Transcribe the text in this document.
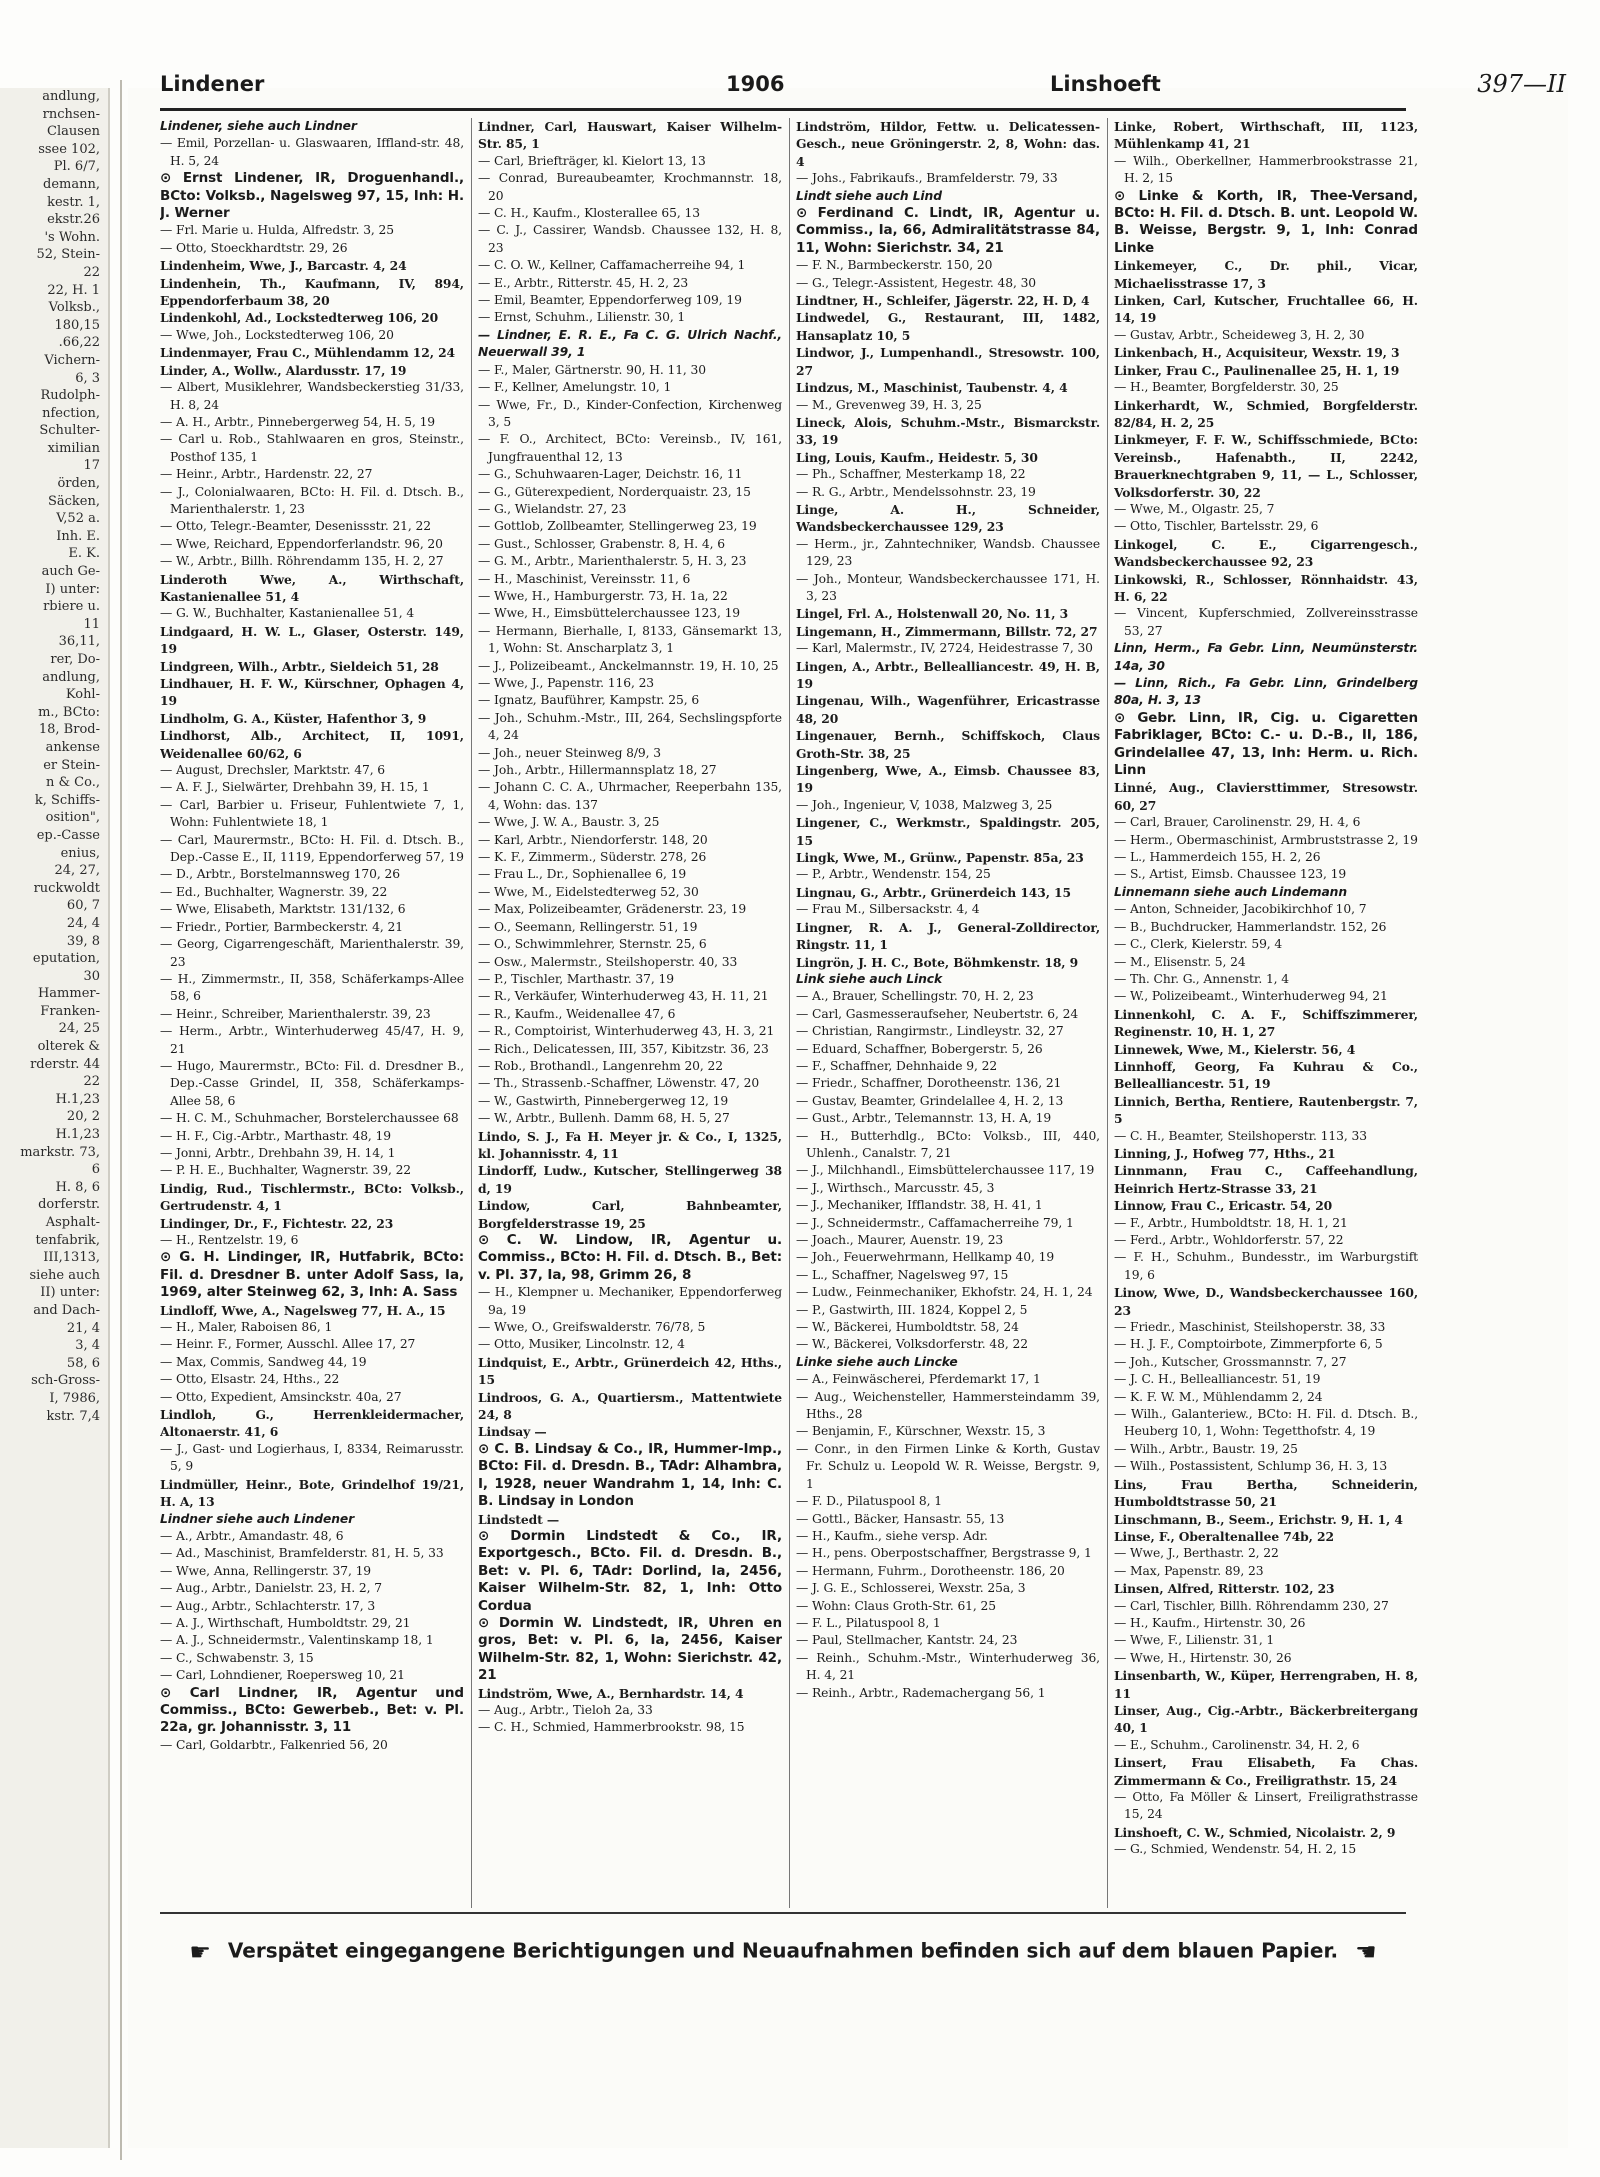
andlung,
rnchsen-
Clausen
ssee 102,
Pl. 6/7,
demann,
kestr. 1,
ekstr.26
's Wohn.
52, Stein-
22
22, H. 1
Volksb.,
180,15
.66,22
Vichern-
6, 3
Rudolph-
nfection,
Schulter-
ximilian
17
örden,
Säcken,
V,52 a.
Inh. E.
E. K.
auch Ge-
I) unter:
rbiere u.
11
36,11,
rer, Do-
andlung,
Kohl-
m., BCto:
18, Brod-
ankense
er Stein-
n & Co.,
k, Schiffs-
osition",
ep.-Casse
enius,
24, 27,
ruckwoldt
60, 7
24, 4
39, 8
eputation,
30
Hammer-
Franken-
24, 25
olterek &
rderstr. 44
22
H.1,23
20, 2
H.1,23
markstr. 73,
6
H. 8, 6
dorferstr.
Asphalt-
tenfabrik,
III,1313,
siehe auch
II) unter:
and Dach-
21, 4
3, 4
58, 6
sch-Gross-
I, 7986,
kstr. 7,4
Lindener	1906	Linshoeft	397—II
Lindener, siehe auch Lindner
— Emil, Porzellan- u. Glaswaaren, Iffland-str. 48, H. 5, 24
⊙ Ernst Lindener, IR, Droguenhandl., BCto: Volksb., Nagelsweg 97, 15, Inh: H. J. Werner
— Frl. Marie u. Hulda, Alfredstr. 3, 25
— Otto, Stoeckhardtstr. 29, 26
Lindenheim, Wwe, J., Barcastr. 4, 24
Lindenhein, Th., Kaufmann, IV, 894, Eppendorferbaum 38, 20
Lindenkohl, Ad., Lockstedterweg 106, 20
— Wwe, Joh., Lockstedterweg 106, 20
Lindenmayer, Frau C., Mühlendamm 12, 24
Linder, A., Wollw., Alardusstr. 17, 19
— Albert, Musiklehrer, Wandsbeckerstieg 31/33, H. 8, 24
— A. H., Arbtr., Pinnebergerweg 54, H. 5, 19
— Carl u. Rob., Stahlwaaren en gros, Steinstr., Posthof 135, 1
— Heinr., Arbtr., Hardenstr. 22, 27
— J., Colonialwaaren, BCto: H. Fil. d. Dtsch. B., Marienthalerstr. 1, 23
— Otto, Telegr.-Beamter, Desenissstr. 21, 22
— Wwe, Reichard, Eppendorferlandstr. 96, 20
— W., Arbtr., Billh. Röhrendamm 135, H. 2, 27
Linderoth Wwe, A., Wirthschaft, Kastanienallee 51, 4
— G. W., Buchhalter, Kastanienallee 51, 4
Lindgaard, H. W. L., Glaser, Osterstr. 149, 19
Lindgreen, Wilh., Arbtr., Sieldeich 51, 28
Lindhauer, H. F. W., Kürschner, Ophagen 4, 19
Lindholm, G. A., Küster, Hafenthor 3, 9
Lindhorst, Alb., Architect, II, 1091, Weidenallee 60/62, 6
— August, Drechsler, Marktstr. 47, 6
— A. F. J., Sielwärter, Drehbahn 39, H. 15, 1
— Carl, Barbier u. Friseur, Fuhlentwiete 7, 1, Wohn: Fuhlentwiete 18, 1
— Carl, Maurermstr., BCto: H. Fil. d. Dtsch. B., Dep.-Casse E., II, 1119, Eppendorferweg 57, 19
— D., Arbtr., Borstelmannsweg 170, 26
— Ed., Buchhalter, Wagnerstr. 39, 22
— Wwe, Elisabeth, Marktstr. 131/132, 6
— Friedr., Portier, Barmbeckerstr. 4, 21
— Georg, Cigarrengeschäft, Marienthalerstr. 39, 23
— H., Zimmermstr., II, 358, Schäferkamps-Allee 58, 6
— Heinr., Schreiber, Marienthalerstr. 39, 23
— Herm., Arbtr., Winterhuderweg 45/47, H. 9, 21
— Hugo, Maurermstr., BCto: Fil. d. Dresdner B., Dep.-Casse Grindel, II, 358, Schäferkamps-Allee 58, 6
— H. C. M., Schuhmacher, Borstelerchaussee 68
— H. F., Cig.-Arbtr., Marthastr. 48, 19
— Jonni, Arbtr., Drehbahn 39, H. 14, 1
— P. H. E., Buchhalter, Wagnerstr. 39, 22
Lindig, Rud., Tischlermstr., BCto: Volksb., Gertrudenstr. 4, 1
Lindinger, Dr., F., Fichtestr. 22, 23
— H., Rentzelstr. 19, 6
⊙ G. H. Lindinger, IR, Hutfabrik, BCto: Fil. d. Dresdner B. unter Adolf Sass, Ia, 1969, alter Steinweg 62, 3, Inh: A. Sass
Lindloff, Wwe, A., Nagelsweg 77, H. A., 15
— H., Maler, Raboisen 86, 1
— Heinr. F., Former, Ausschl. Allee 17, 27
— Max, Commis, Sandweg 44, 19
— Otto, Elsastr. 24, Hths., 22
— Otto, Expedient, Amsinckstr. 40a, 27
Lindloh, G., Herrenkleidermacher, Altonaerstr. 41, 6
— J., Gast- und Logierhaus, I, 8334, Reimarusstr. 5, 9
Lindmüller, Heinr., Bote, Grindelhof 19/21, H. A, 13
Lindner siehe auch Lindener
— A., Arbtr., Amandastr. 48, 6
— Ad., Maschinist, Bramfelderstr. 81, H. 5, 33
— Wwe, Anna, Rellingerstr. 37, 19
— Aug., Arbtr., Danielstr. 23, H. 2, 7
— Aug., Arbtr., Schlachterstr. 17, 3
— A. J., Wirthschaft, Humboldtstr. 29, 21
— A. J., Schneidermstr., Valentinskamp 18, 1
— C., Schwabenstr. 3, 15
— Carl, Lohndiener, Roepersweg 10, 21
⊙ Carl Lindner, IR, Agentur und Commiss., BCto: Gewerbeb., Bet: v. Pl. 22a, gr. Johannisstr. 3, 11
— Carl, Goldarbtr., Falkenried 56, 20
Lindner, Carl, Hauswart, Kaiser Wilhelm-Str. 85, 1
— Carl, Briefträger, kl. Kielort 13, 13
— Conrad, Bureaubeamter, Krochmannstr. 18, 20
— C. H., Kaufm., Klosterallee 65, 13
— C. J., Cassirer, Wandsb. Chaussee 132, H. 8, 23
— C. O. W., Kellner, Caffamacherreihe 94, 1
— E., Arbtr., Ritterstr. 45, H. 2, 23
— Emil, Beamter, Eppendorferweg 109, 19
— Ernst, Schuhm., Lilienstr. 30, 1
— Lindner, E. R. E., Fa C. G. Ulrich Nachf., Neuerwall 39, 1
— F., Maler, Gärtnerstr. 90, H. 11, 30
— F., Kellner, Amelungstr. 10, 1
— Wwe, Fr., D., Kinder-Confection, Kirchenweg 3, 5
— F. O., Architect, BCto: Vereinsb., IV, 161, Jungfrauenthal 12, 13
— G., Schuhwaaren-Lager, Deichstr. 16, 11
— G., Güterexpedient, Norderquaistr. 23, 15
— G., Wielandstr. 27, 23
— Gottlob, Zollbeamter, Stellingerweg 23, 19
— Gust., Schlosser, Grabenstr. 8, H. 4, 6
— G. M., Arbtr., Marienthalerstr. 5, H. 3, 23
— H., Maschinist, Vereinsstr. 11, 6
— Wwe, H., Hamburgerstr. 73, H. 1a, 22
— Wwe, H., Eimsbüttelerchaussee 123, 19
— Hermann, Bierhalle, I, 8133, Gänsemarkt 13, 1, Wohn: St. Anscharplatz 3, 1
— J., Polizeibeamt., Anckelmannstr. 19, H. 10, 25
— Wwe, J., Papenstr. 116, 23
— Ignatz, Bauführer, Kampstr. 25, 6
— Joh., Schuhm.-Mstr., III, 264, Sechslingspforte 4, 24
— Joh., neuer Steinweg 8/9, 3
— Joh., Arbtr., Hillermannsplatz 18, 27
— Johann C. C. A., Uhrmacher, Reeperbahn 135, 4, Wohn: das. 137
— Wwe, J. W. A., Baustr. 3, 25
— Karl, Arbtr., Niendorferstr. 148, 20
— K. F., Zimmerm., Süderstr. 278, 26
— Frau L., Dr., Sophienallee 6, 19
— Wwe, M., Eidelstedterweg 52, 30
— Max, Polizeibeamter, Grädenerstr. 23, 19
— O., Seemann, Rellingerstr. 51, 19
— O., Schwimmlehrer, Sternstr. 25, 6
— Osw., Malermstr., Steilshoperstr. 40, 33
— P., Tischler, Marthastr. 37, 19
— R., Verkäufer, Winterhuderweg 43, H. 11, 21
— R., Kaufm., Weidenallee 47, 6
— R., Comptoirist, Winterhuderweg 43, H. 3, 21
— Rich., Delicatessen, III, 357, Kibitzstr. 36, 23
— Rob., Brothandl., Langenrehm 20, 22
— Th., Strassenb.-Schaffner, Löwenstr. 47, 20
— W., Gastwirth, Pinnebergerweg 12, 19
— W., Arbtr., Bullenh. Damm 68, H. 5, 27
Lindo, S. J., Fa H. Meyer jr. & Co., I, 1325, kl. Johannisstr. 4, 11
Lindorff, Ludw., Kutscher, Stellingerweg 38 d, 19
Lindow, Carl, Bahnbeamter, Borgfelderstrasse 19, 25
⊙ C. W. Lindow, IR, Agentur u. Commiss., BCto: H. Fil. d. Dtsch. B., Bet: v. Pl. 37, Ia, 98, Grimm 26, 8
— H., Klempner u. Mechaniker, Eppendorferweg 9a, 19
— Wwe, O., Greifswalderstr. 76/78, 5
— Otto, Musiker, Lincolnstr. 12, 4
Lindquist, E., Arbtr., Grünerdeich 42, Hths., 15
Lindroos, G. A., Quartiersm., Mattentwiete 24, 8
Lindsay —
⊙ C. B. Lindsay & Co., IR, Hummer-Imp., BCto: Fil. d. Dresdn. B., TAdr: Alhambra, I, 1928, neuer Wandrahm 1, 14, Inh: C. B. Lindsay in London
Lindstedt —
⊙ Dormin Lindstedt & Co., IR, Exportgesch., BCto. Fil. d. Dresdn. B., Bet: v. Pl. 6, TAdr: Dorlind, Ia, 2456, Kaiser Wilhelm-Str. 82, 1, Inh: Otto Cordua
⊙ Dormin W. Lindstedt, IR, Uhren en gros, Bet: v. Pl. 6, Ia, 2456, Kaiser Wilhelm-Str. 82, 1, Wohn: Sierichstr. 42, 21
Lindström, Wwe, A., Bernhardstr. 14, 4
— Aug., Arbtr., Tieloh 2a, 33
— C. H., Schmied, Hammerbrookstr. 98, 15
Lindström, Hildor, Fettw. u. Delicatessen-Gesch., neue Gröningerstr. 2, 8, Wohn: das. 4
— Johs., Fabrikaufs., Bramfelderstr. 79, 33
Lindt siehe auch Lind
⊙ Ferdinand C. Lindt, IR, Agentur u. Commiss., Ia, 66, Admiralitätstrasse 84, 11, Wohn: Sierichstr. 34, 21
— F. N., Barmbeckerstr. 150, 20
— G., Telegr.-Assistent, Hegestr. 48, 30
Lindtner, H., Schleifer, Jägerstr. 22, H. D, 4
Lindwedel, G., Restaurant, III, 1482, Hansaplatz 10, 5
Lindwor, J., Lumpenhandl., Stresowstr. 100, 27
Lindzus, M., Maschinist, Taubenstr. 4, 4
— M., Grevenweg 39, H. 3, 25
Lineck, Alois, Schuhm.-Mstr., Bismarckstr. 33, 19
Ling, Louis, Kaufm., Heidestr. 5, 30
— Ph., Schaffner, Mesterkamp 18, 22
— R. G., Arbtr., Mendelssohnstr. 23, 19
Linge, A. H., Schneider, Wandsbeckerchaussee 129, 23
— Herm., jr., Zahntechniker, Wandsb. Chaussee 129, 23
— Joh., Monteur, Wandsbeckerchaussee 171, H. 3, 23
Lingel, Frl. A., Holstenwall 20, No. 11, 3
Lingemann, H., Zimmermann, Billstr. 72, 27
— Karl, Malermstr., IV, 2724, Heidestrasse 7, 30
Lingen, A., Arbtr., Bellealliancestr. 49, H. B, 19
Lingenau, Wilh., Wagenführer, Ericastrasse 48, 20
Lingenauer, Bernh., Schiffskoch, Claus Groth-Str. 38, 25
Lingenberg, Wwe, A., Eimsb. Chaussee 83, 19
— Joh., Ingenieur, V, 1038, Malzweg 3, 25
Lingener, C., Werkmstr., Spaldingstr. 205, 15
Lingk, Wwe, M., Grünw., Papenstr. 85a, 23
— P., Arbtr., Wendenstr. 154, 25
Lingnau, G., Arbtr., Grünerdeich 143, 15
— Frau M., Silbersackstr. 4, 4
Lingner, R. A. J., General-Zolldirector, Ringstr. 11, 1
Lingrön, J. H. C., Bote, Böhmkenstr. 18, 9
Link siehe auch Linck
— A., Brauer, Schellingstr. 70, H. 2, 23
— Carl, Gasmesseraufseher, Neubertstr. 6, 24
— Christian, Rangirmstr., Lindleystr. 32, 27
— Eduard, Schaffner, Bobergerstr. 5, 26
— F., Schaffner, Dehnhaide 9, 22
— Friedr., Schaffner, Dorotheenstr. 136, 21
— Gustav, Beamter, Grindelallee 4, H. 2, 13
— Gust., Arbtr., Telemannstr. 13, H. A, 19
— H., Butterhdlg., BCto: Volksb., III, 440, Uhlenh., Canalstr. 7, 21
— J., Milchhandl., Eimsbüttelerchaussee 117, 19
— J., Wirthsch., Marcusstr. 45, 3
— J., Mechaniker, Ifflandstr. 38, H. 41, 1
— J., Schneidermstr., Caffamacherreihe 79, 1
— Joach., Maurer, Auenstr. 19, 23
— Joh., Feuerwehrmann, Hellkamp 40, 19
— L., Schaffner, Nagelsweg 97, 15
— Ludw., Feinmechaniker, Ekhofstr. 24, H. 1, 24
— P., Gastwirth, III. 1824, Koppel 2, 5
— W., Bäckerei, Humboldtstr. 58, 24
— W., Bäckerei, Volksdorferstr. 48, 22
Linke siehe auch Lincke
— A., Feinwäscherei, Pferdemarkt 17, 1
— Aug., Weichensteller, Hammersteindamm 39, Hths., 28
— Benjamin, F., Kürschner, Wexstr. 15, 3
— Conr., in den Firmen Linke & Korth, Gustav Fr. Schulz u. Leopold W. R. Weisse, Bergstr. 9, 1
— F. D., Pilatuspool 8, 1
— Gottl., Bäcker, Hansastr. 55, 13
— H., Kaufm., siehe versp. Adr.
— H., pens. Oberpostschaffner, Bergstrasse 9, 1
— Hermann, Fuhrm., Dorotheenstr. 186, 20
— J. G. E., Schlosserei, Wexstr. 25a, 3
— Wohn: Claus Groth-Str. 61, 25
— F. L., Pilatuspool 8, 1
— Paul, Stellmacher, Kantstr. 24, 23
— Reinh., Schuhm.-Mstr., Winterhuderweg 36, H. 4, 21
— Reinh., Arbtr., Rademachergang 56, 1
Linke, Robert, Wirthschaft, III, 1123, Mühlenkamp 41, 21
— Wilh., Oberkellner, Hammerbrookstrasse 21, H. 2, 15
⊙ Linke & Korth, IR, Thee-Versand, BCto: H. Fil. d. Dtsch. B. unt. Leopold W. B. Weisse, Bergstr. 9, 1, Inh: Conrad Linke
Linkemeyer, C., Dr. phil., Vicar, Michaelisstrasse 17, 3
Linken, Carl, Kutscher, Fruchtallee 66, H. 14, 19
— Gustav, Arbtr., Scheideweg 3, H. 2, 30
Linkenbach, H., Acquisiteur, Wexstr. 19, 3
Linker, Frau C., Paulinenallee 25, H. 1, 19
— H., Beamter, Borgfelderstr. 30, 25
Linkerhardt, W., Schmied, Borgfelderstr. 82/84, H. 2, 25
Linkmeyer, F. F. W., Schiffsschmiede, BCto: Vereinsb., Hafenabth., II, 2242, Brauerknechtgraben 9, 11, — L., Schlosser, Volksdorferstr. 30, 22
— Wwe, M., Olgastr. 25, 7
— Otto, Tischler, Bartelsstr. 29, 6
Linkogel, C. E., Cigarrengesch., Wandsbeckerchaussee 92, 23
Linkowski, R., Schlosser, Rönnhaidstr. 43, H. 6, 22
— Vincent, Kupferschmied, Zollvereinsstrasse 53, 27
Linn, Herm., Fa Gebr. Linn, Neumünsterstr. 14a, 30
— Linn, Rich., Fa Gebr. Linn, Grindelberg 80a, H. 3, 13
⊙ Gebr. Linn, IR, Cig. u. Cigaretten Fabriklager, BCto: C.- u. D.-B., II, 186, Grindelallee 47, 13, Inh: Herm. u. Rich. Linn
Linné, Aug., Claviersttimmer, Stresowstr. 60, 27
— Carl, Brauer, Carolinenstr. 29, H. 4, 6
— Herm., Obermaschinist, Armbruststrasse 2, 19
— L., Hammerdeich 155, H. 2, 26
— S., Artist, Eimsb. Chaussee 123, 19
Linnemann siehe auch Lindemann
— Anton, Schneider, Jacobikirchhof 10, 7
— B., Buchdrucker, Hammerlandstr. 152, 26
— C., Clerk, Kielerstr. 59, 4
— M., Elisenstr. 5, 24
— Th. Chr. G., Annenstr. 1, 4
— W., Polizeibeamt., Winterhuderweg 94, 21
Linnenkohl, C. A. F., Schiffszimmerer, Reginenstr. 10, H. 1, 27
Linnewek, Wwe, M., Kielerstr. 56, 4
Linnhoff, Georg, Fa Kuhrau & Co., Bellealliancestr. 51, 19
Linnich, Bertha, Rentiere, Rautenbergstr. 7, 5
— C. H., Beamter, Steilshoperstr. 113, 33
Linning, J., Hofweg 77, Hths., 21
Linnmann, Frau C., Caffeehandlung, Heinrich Hertz-Strasse 33, 21
Linnow, Frau C., Ericastr. 54, 20
— F., Arbtr., Humboldtstr. 18, H. 1, 21
— Ferd., Arbtr., Wohldorferstr. 57, 22
— F. H., Schuhm., Bundesstr., im Warburgstift 19, 6
Linow, Wwe, D., Wandsbeckerchaussee 160, 23
— Friedr., Maschinist, Steilshoperstr. 38, 33
— H. J. F., Comptoirbote, Zimmerpforte 6, 5
— Joh., Kutscher, Grossmannstr. 7, 27
— J. C. H., Bellealliancestr. 51, 19
— K. F. W. M., Mühlendamm 2, 24
— Wilh., Galanteriew., BCto: H. Fil. d. Dtsch. B., Heuberg 10, 1, Wohn: Tegetthofstr. 4, 19
— Wilh., Arbtr., Baustr. 19, 25
— Wilh., Postassistent, Schlump 36, H. 3, 13
Lins, Frau Bertha, Schneiderin, Humboldtstrasse 50, 21
Linschmann, B., Seem., Erichstr. 9, H. 1, 4
Linse, F., Oberaltenallee 74b, 22
— Wwe, J., Berthastr. 2, 22
— Max, Papenstr. 89, 23
Linsen, Alfred, Ritterstr. 102, 23
— Carl, Tischler, Billh. Röhrendamm 230, 27
— H., Kaufm., Hirtenstr. 30, 26
— Wwe, F., Lilienstr. 31, 1
— Wwe, H., Hirtenstr. 30, 26
Linsenbarth, W., Küper, Herrengraben, H. 8, 11
Linser, Aug., Cig.-Arbtr., Bäckerbreitergang 40, 1
— E., Schuhm., Carolinenstr. 34, H. 2, 6
Linsert, Frau Elisabeth, Fa Chas. Zimmermann & Co., Freiligrathstr. 15, 24
— Otto, Fa Möller & Linsert, Freiligrathstrasse 15, 24
Linshoeft, C. W., Schmied, Nicolaistr. 2, 9
— G., Schmied, Wendenstr. 54, H. 2, 15
☛ Verspätet eingegangene Berichtigungen und Neuaufnahmen befinden sich auf dem blauen Papier. ☚
